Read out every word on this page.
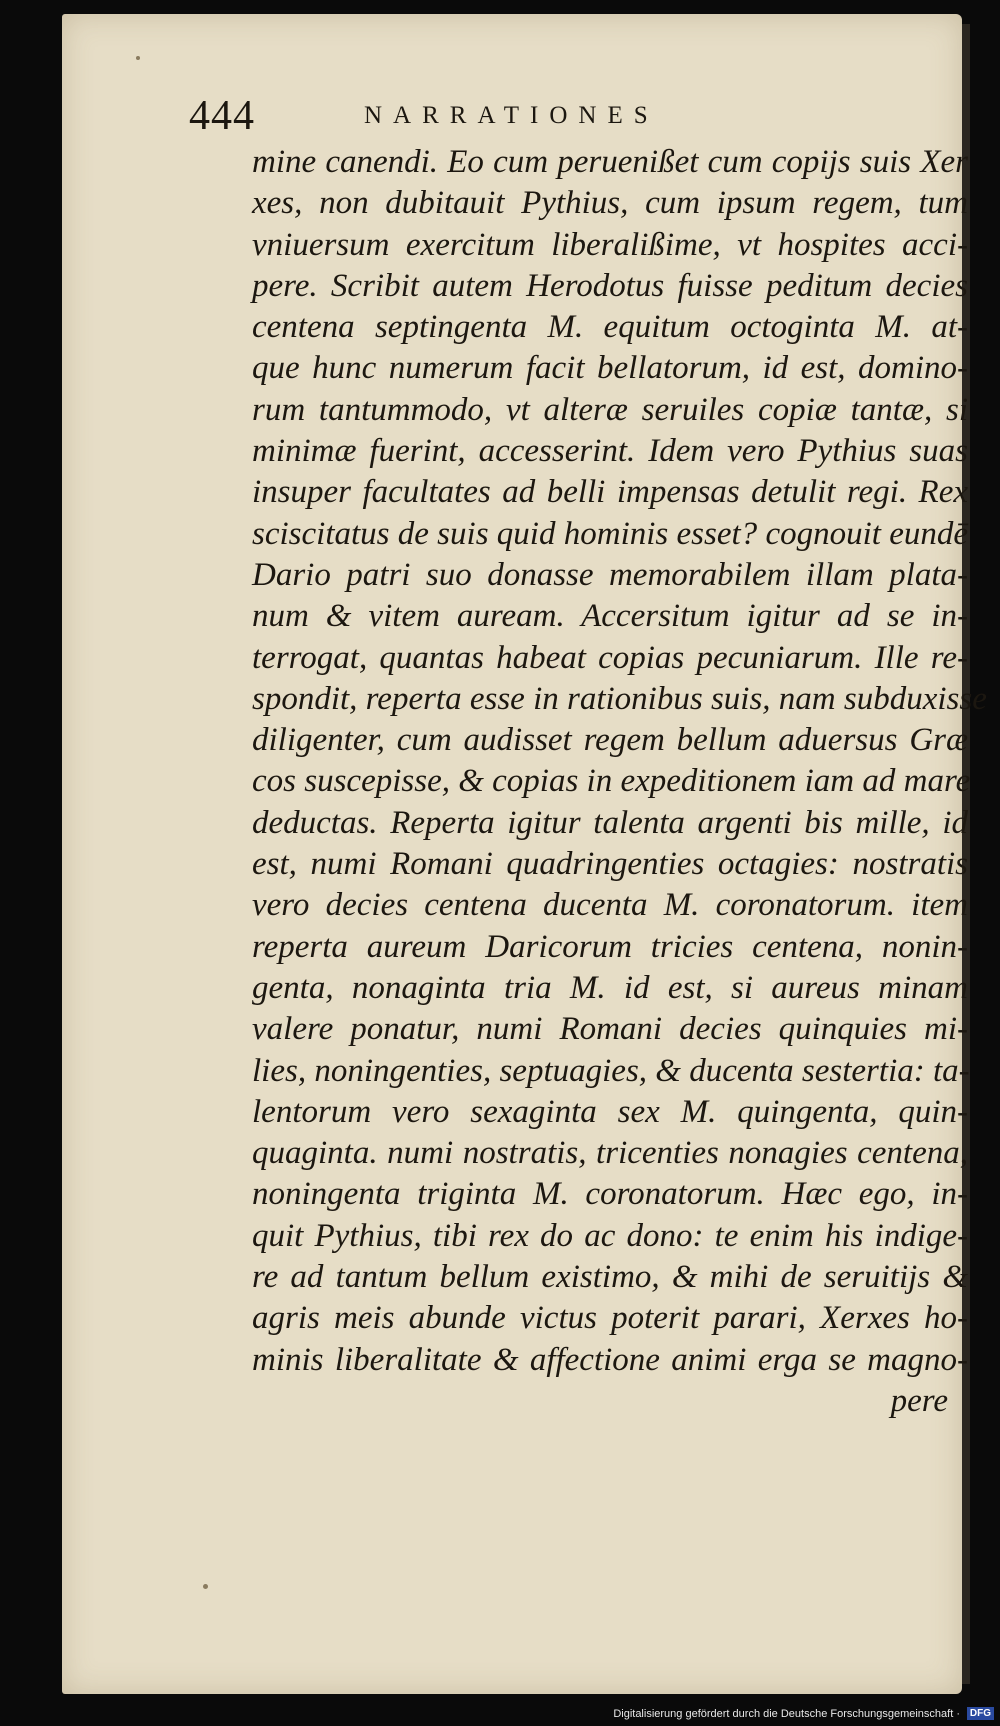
444	NARRATIONES
mine canendi. Eo cum peruenißet cum copijs suis Xer
xes, non dubitauit Pythius, cum ipsum regem, tum
vniuersum exercitum liberalißime, vt hospites acci-
pere. Scribit autem Herodotus fuisse peditum decies
centena septingenta M. equitum octoginta M. at-
que hunc numerum facit bellatorum, id est, domino-
rum tantummodo, vt alteræ seruiles copiæ tantæ, si
minimæ fuerint, accesserint. Idem vero Pythius suas
insuper facultates ad belli impensas detulit regi. Rex
sciscitatus de suis quid hominis esset? cognouit eundē
Dario patri suo donasse memorabilem illam plata-
num & vitem auream. Accersitum igitur ad se in-
terrogat, quantas habeat copias pecuniarum. Ille re-
spondit, reperta esse in rationibus suis, nam subduxisse
diligenter, cum audisset regem bellum aduersus Græ
cos suscepisse, & copias in expeditionem iam ad mare
deductas. Reperta igitur talenta argenti bis mille, id
est, numi Romani quadringenties octagies: nostratis
vero decies centena ducenta M. coronatorum. item
reperta aureum Daricorum tricies centena, nonin-
genta, nonaginta tria M. id est, si aureus minam
valere ponatur, numi Romani decies quinquies mi-
lies, noningenties, septuagies, & ducenta sestertia: ta-
lentorum vero sexaginta sex M. quingenta, quin-
quaginta. numi nostratis, tricenties nonagies centena,
noningenta triginta M. coronatorum. Hæc ego, in-
quit Pythius, tibi rex do ac dono: te enim his indige-
re ad tantum bellum existimo, & mihi de seruitijs &
agris meis abunde victus poterit parari, Xerxes ho-
minis liberalitate & affectione animi erga se magno-
pere
Digitalisierung gefördert durch die Deutsche Forschungsgemeinschaft · DFG
